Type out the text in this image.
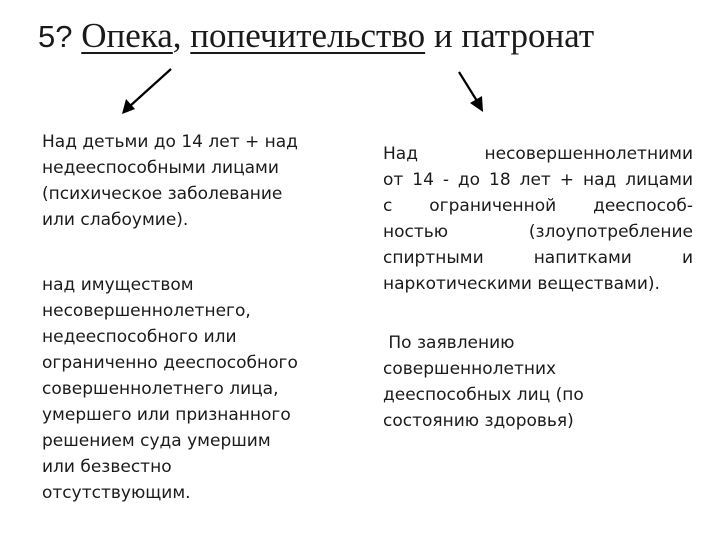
5? Опека, попечительство и патронат
Над детьми до 14 лет + над
недееспособными лицами
(психическое заболевание
или слабоумие).
над имуществом
несовершеннолетнего,
недееспособного или
ограниченно дееспособного
совершеннолетнего лица,
умершего или признанного
решением суда умершим
или безвестно
отсутствующим.
Над несовершеннолетними
от 14 - до 18 лет + над лицами
с ограниченной дееспособ-
ностью (злоупотребление
спиртными напитками и
наркотическими веществами).
По заявлению
совершеннолетних
дееспособных лиц (по
состоянию здоровья)
